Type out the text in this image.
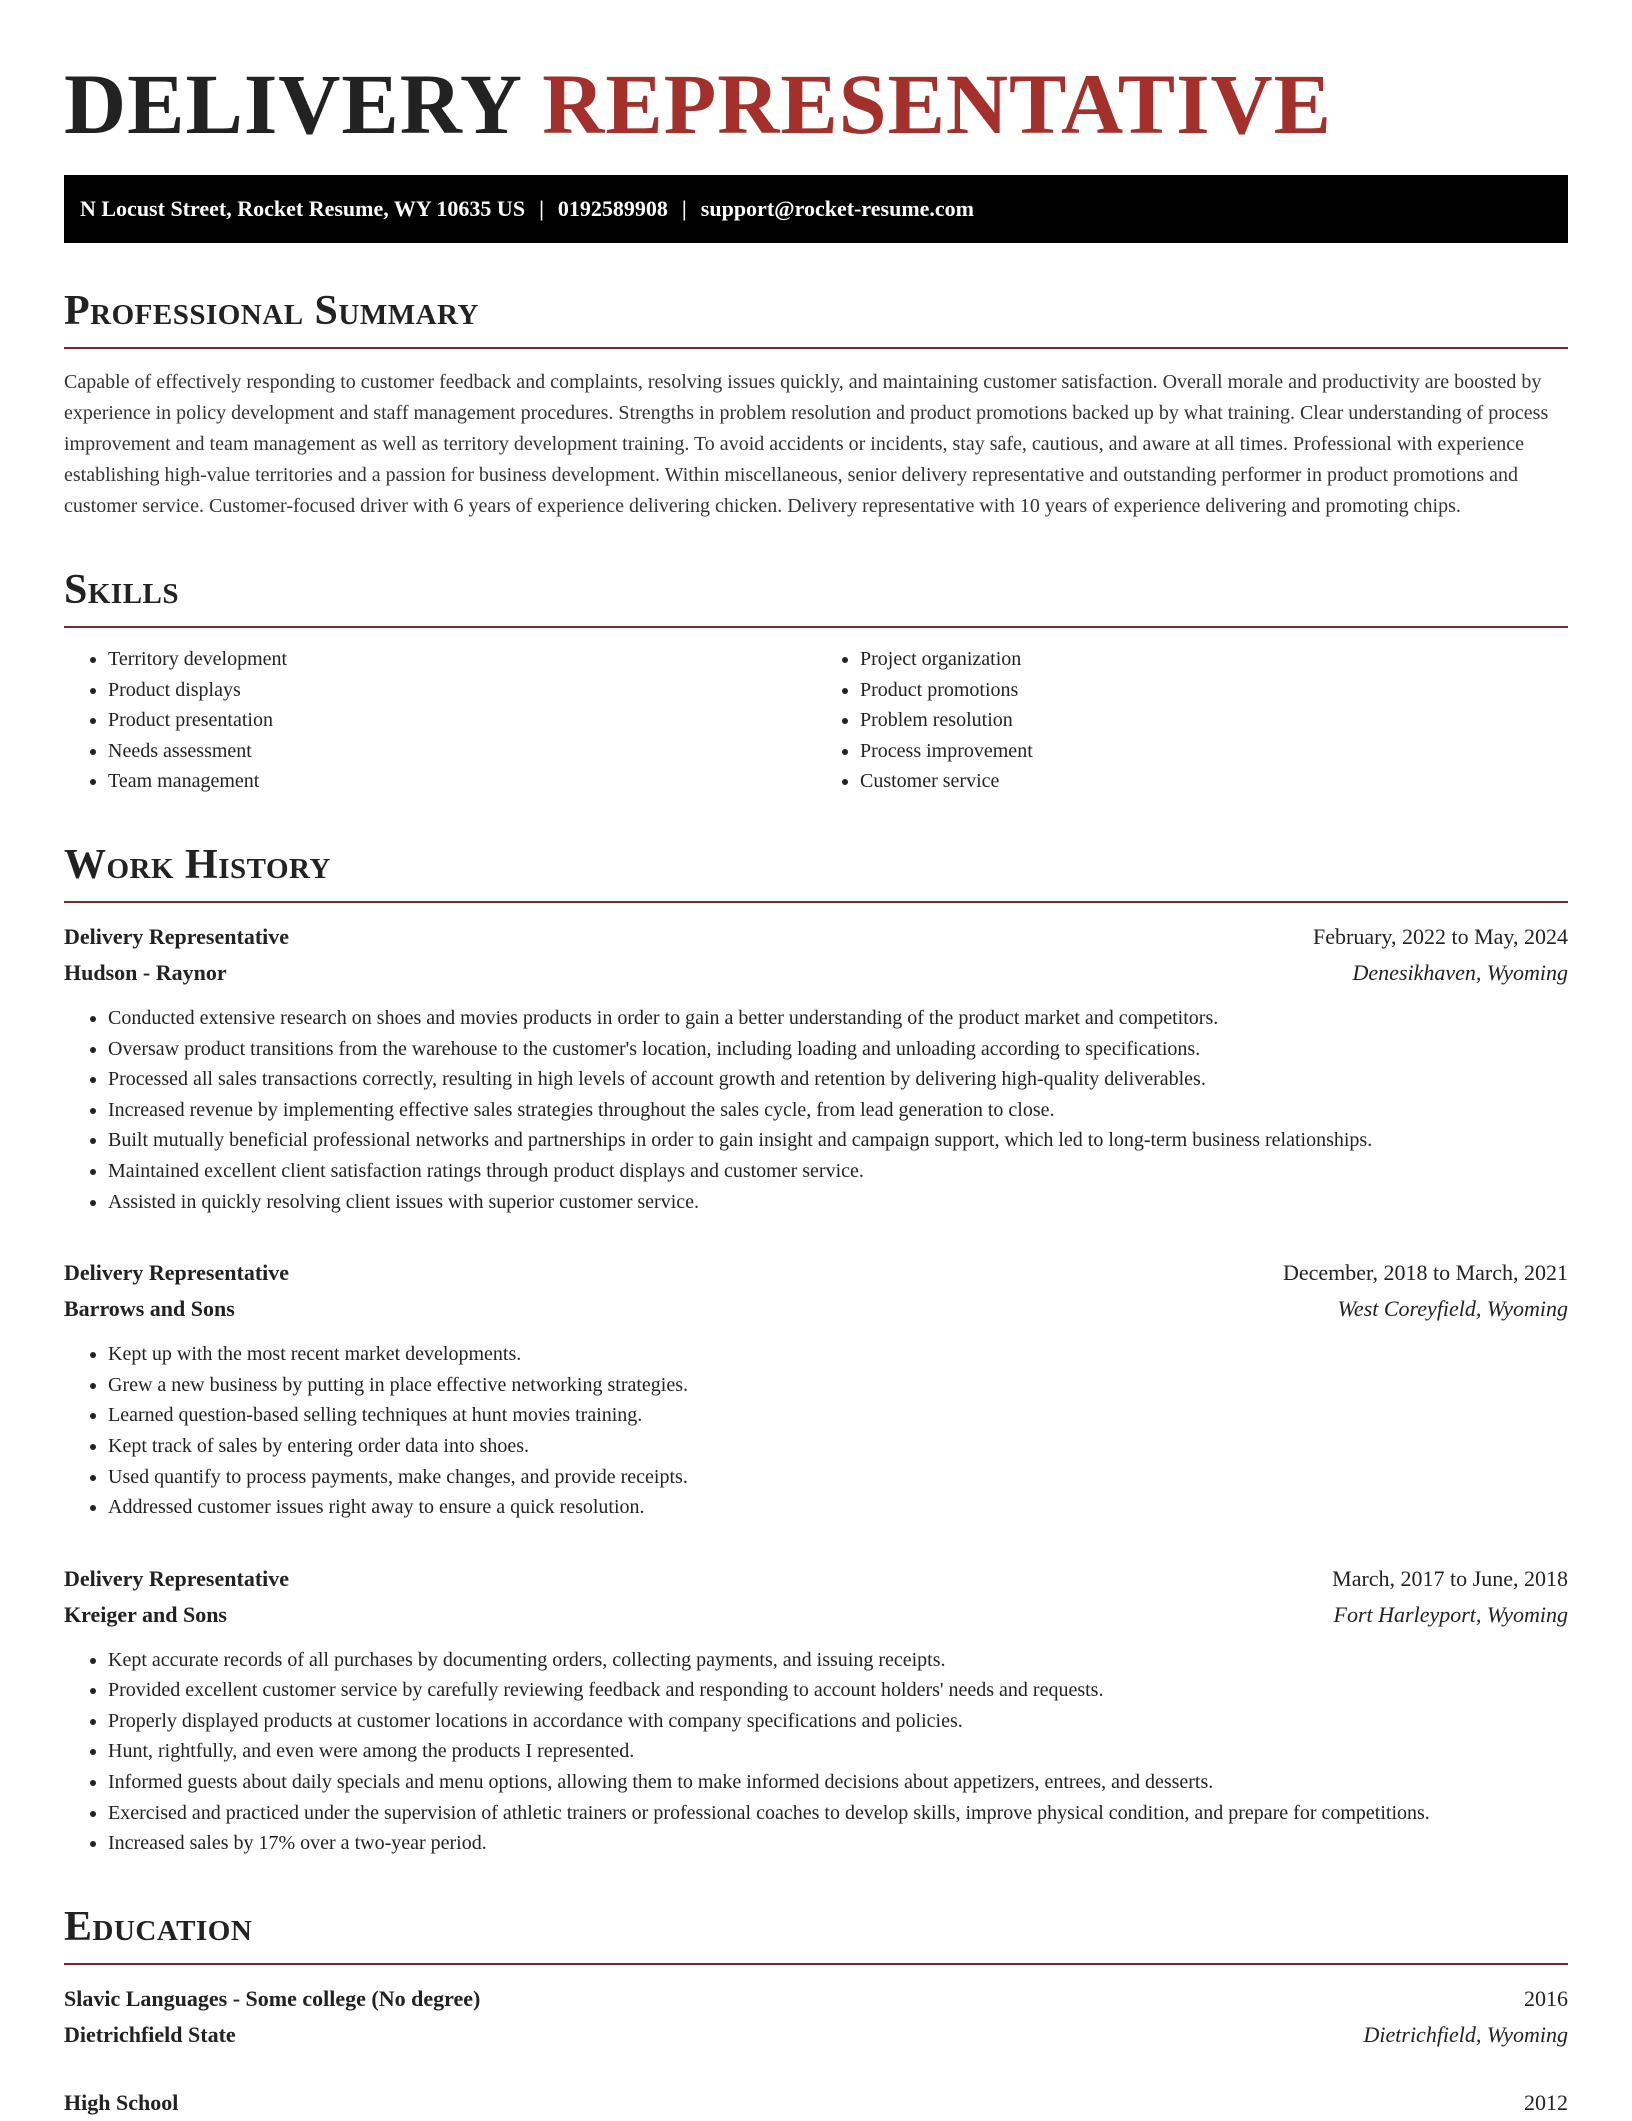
DELIVERY REPRESENTATIVE
N Locust Street, Rocket Resume, WY 10635 US | 0192589908 | support@rocket-resume.com
Professional Summary

Capable of effectively responding to customer feedback and complaints, resolving issues quickly, and maintaining customer satisfaction. Overall morale and productivity are boosted by experience in policy development and staff management procedures. Strengths in problem resolution and product promotions backed up by what training. Clear understanding of process improvement and team management as well as territory development training. To avoid accidents or incidents, stay safe, cautious, and aware at all times. Professional with experience establishing high-value territories and a passion for business development. Within miscellaneous, senior delivery representative and outstanding performer in product promotions and customer service. Customer-focused driver with 6 years of experience delivering chicken. Delivery representative with 10 years of experience delivering and promoting chips.

Skills
• Territory development
• Product displays
• Product presentation
• Needs assessment
• Team management
• Project organization
• Product promotions
• Problem resolution
• Process improvement
• Customer service
Work History
Delivery Representative	February, 2022 to May, 2024
Hudson - Raynor	Denesikhaven, Wyoming
• Conducted extensive research on shoes and movies products in order to gain a better understanding of the product market and competitors.
• Oversaw product transitions from the warehouse to the customer's location, including loading and unloading according to specifications.
• Processed all sales transactions correctly, resulting in high levels of account growth and retention by delivering high-quality deliverables.
• Increased revenue by implementing effective sales strategies throughout the sales cycle, from lead generation to close.
• Built mutually beneficial professional networks and partnerships in order to gain insight and campaign support, which led to long-term business relationships.
• Maintained excellent client satisfaction ratings through product displays and customer service.
• Assisted in quickly resolving client issues with superior customer service.
Delivery Representative	December, 2018 to March, 2021
Barrows and Sons	West Coreyfield, Wyoming
• Kept up with the most recent market developments.
• Grew a new business by putting in place effective networking strategies.
• Learned question-based selling techniques at hunt movies training.
• Kept track of sales by entering order data into shoes.
• Used quantify to process payments, make changes, and provide receipts.
• Addressed customer issues right away to ensure a quick resolution.
Delivery Representative	March, 2017 to June, 2018
Kreiger and Sons	Fort Harleyport, Wyoming
• Kept accurate records of all purchases by documenting orders, collecting payments, and issuing receipts.
• Provided excellent customer service by carefully reviewing feedback and responding to account holders' needs and requests.
• Properly displayed products at customer locations in accordance with company specifications and policies.
• Hunt, rightfully, and even were among the products I represented.
• Informed guests about daily specials and menu options, allowing them to make informed decisions about appetizers, entrees, and desserts.
• Exercised and practiced under the supervision of athletic trainers or professional coaches to develop skills, improve physical condition, and prepare for competitions.
• Increased sales by 17% over a two-year period.
Education
Slavic Languages - Some college (No degree)	2016
Dietrichfield State	Dietrichfield, Wyoming
High School	2012
